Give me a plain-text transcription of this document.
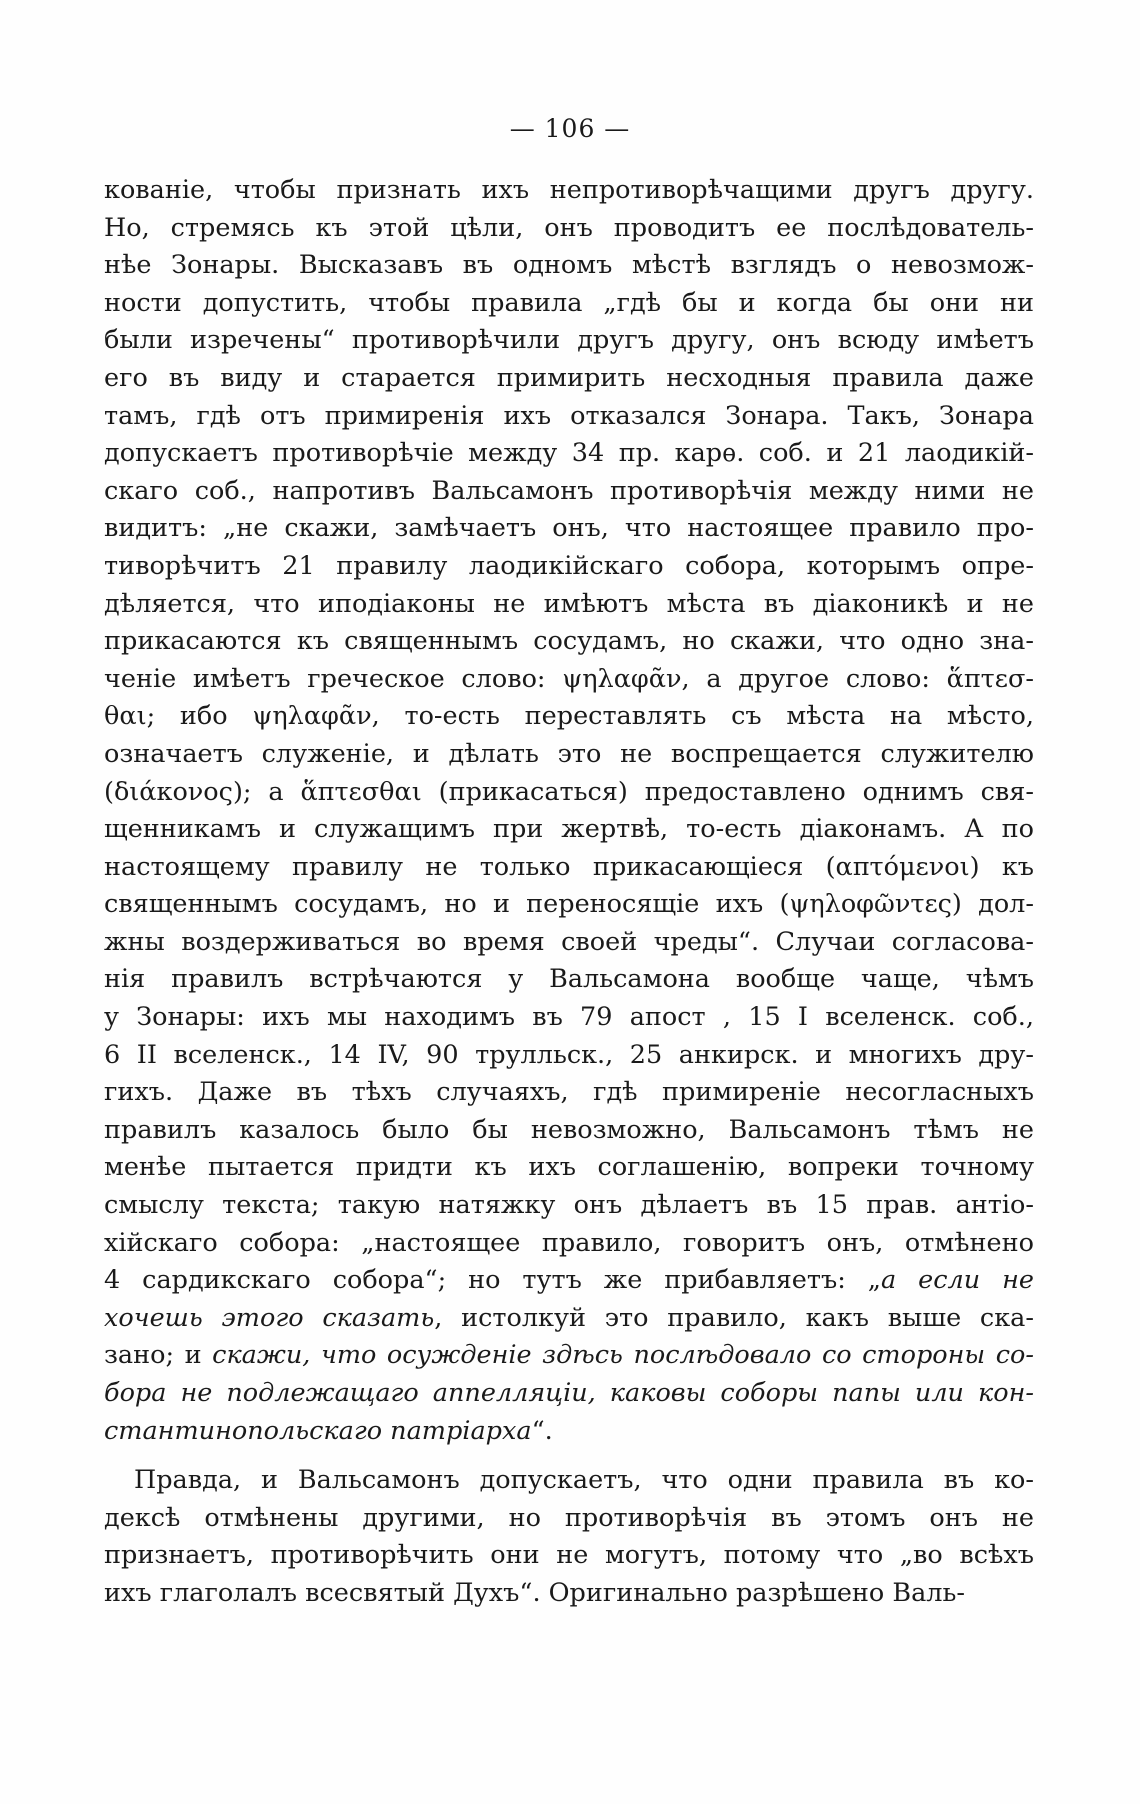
— 106 —
кованіе, чтобы признать ихъ непротиворѣчащими другъ другу.
Но, стремясь къ этой цѣли, онъ проводитъ ее послѣдователь-
нѣе Зонары. Высказавъ въ одномъ мѣстѣ взглядъ о невозмож-
ности допустить, чтобы правила „гдѣ бы и когда бы они ни
были изречены“ противорѣчили другъ другу, онъ всюду имѣетъ
его въ виду и старается примирить несходныя правила даже
тамъ, гдѣ отъ примиренія ихъ отказался Зонара. Такъ, Зонара
допускаетъ противорѣчіе между 34 пр. карѳ. соб. и 21 лаодикій-
скаго соб., напротивъ Вальсамонъ противорѣчія между ними не
видитъ: „не скажи, замѣчаетъ онъ, что настоящее правило про-
тиворѣчитъ 21 правилу лаодикійскаго собора, которымъ опре-
дѣляется, что иподіаконы не имѣютъ мѣста въ діаконикѣ и не
прикасаются къ священнымъ сосудамъ, но скажи, что одно зна-
ченіе имѣетъ греческое слово: ψηλαφᾶν, а другое слово: ἅπτεσ-
θαι; ибо ψηλαφᾶν, то-есть переставлять съ мѣста на мѣсто,
означаетъ служеніе, и дѣлать это не воспрещается служителю
(διάκονος); а ἅπτεσθαι (прикасаться) предоставлено однимъ свя-
щенникамъ и служащимъ при жертвѣ, то-есть діаконамъ. А по
настоящему правилу не только прикасающіеся (απτόμενοι) къ
священнымъ сосудамъ, но и переносящіе ихъ (ψηλοφῶντες) дол-
жны воздерживаться во время своей чреды“. Случаи согласова-
нія правилъ встрѣчаются у Вальсамона вообще чаще, чѣмъ
у Зонары: ихъ мы находимъ въ 79 апост , 15 I вселенск. соб.,
6 II вселенск., 14 IV, 90 трулльск., 25 анкирск. и многихъ дру-
гихъ. Даже въ тѣхъ случаяхъ, гдѣ примиреніе несогласныхъ
правилъ казалось было бы невозможно, Вальсамонъ тѣмъ не
менѣе пытается придти къ ихъ соглашенію, вопреки точному
смыслу текста; такую натяжку онъ дѣлаетъ въ 15 прав. антіо-
хійскаго собора: „настоящее правило, говоритъ онъ, отмѣнено
4 сардикскаго собора“; но тутъ же прибавляетъ: „а если не
хочешь этого сказать, истолкуй это правило, какъ выше ска-
зано; и скажи, что осужденіе здѣсь послѣдовало со стороны со-
бора не подлежащаго аппелляціи, каковы соборы папы или кон-
стантинопольскаго патріарха“.
Правда, и Вальсамонъ допускаетъ, что одни правила въ ко-
дексѣ отмѣнены другими, но противорѣчія въ этомъ онъ не
признаетъ, противорѣчить они не могутъ, потому что „во всѣхъ
ихъ глаголалъ всесвятый Духъ“. Оригинально разрѣшено Валь-
